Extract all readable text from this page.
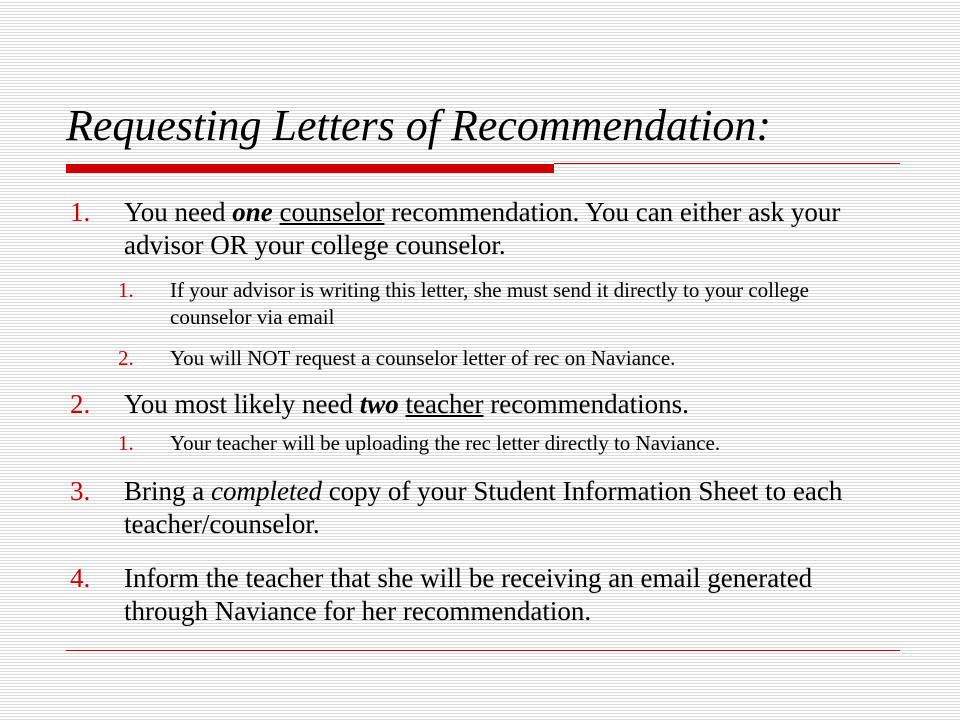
Requesting Letters of Recommendation:
1. You need one counselor recommendation. You can either ask your advisor OR your college counselor.
1. If your advisor is writing this letter, she must send it directly to your college counselor via email
2. You will NOT request a counselor letter of rec on Naviance.
2. You most likely need two teacher recommendations.
1. Your teacher will be uploading the rec letter directly to Naviance.
3. Bring a completed copy of your Student Information Sheet to each teacher/counselor.
4. Inform the teacher that she will be receiving an email generated through Naviance for her recommendation.
